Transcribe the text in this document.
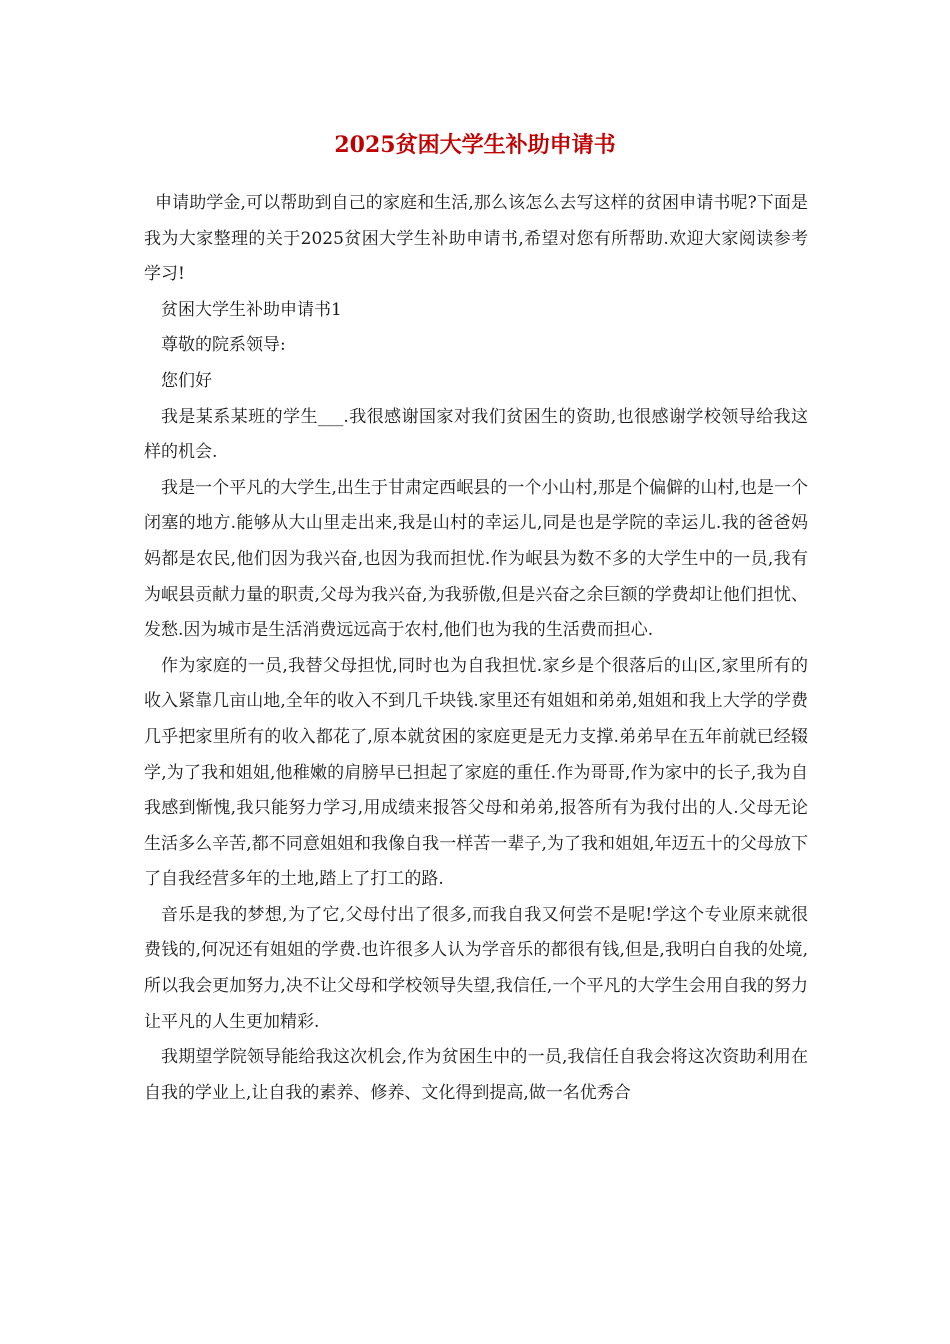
2025贫困大学生补助申请书

申请助学金,可以帮助到自己的家庭和生活,那么该怎么去写这样的贫困申请书呢?下面是我为大家整理的关于2025贫困大学生补助申请书,希望对您有所帮助.欢迎大家阅读参考学习!

贫困大学生补助申请书1

尊敬的院系领导:

您们好

我是某系某班的学生___.我很感谢国家对我们贫困生的资助,也很感谢学校领导给我这样的机会.

我是一个平凡的大学生,出生于甘肃定西岷县的一个小山村,那是个偏僻的山村,也是一个闭塞的地方.能够从大山里走出来,我是山村的幸运儿,同是也是学院的幸运儿.我的爸爸妈妈都是农民,他们因为我兴奋,也因为我而担忧.作为岷县为数不多的大学生中的一员,我有为岷县贡献力量的职责,父母为我兴奋,为我骄傲,但是兴奋之余巨额的学费却让他们担忧、发愁.因为城市是生活消费远远高于农村,他们也为我的生活费而担心.

作为家庭的一员,我替父母担忧,同时也为自我担忧.家乡是个很落后的山区,家里所有的收入紧靠几亩山地,全年的收入不到几千块钱.家里还有姐姐和弟弟,姐姐和我上大学的学费几乎把家里所有的收入都花了,原本就贫困的家庭更是无力支撑.弟弟早在五年前就已经辍学,为了我和姐姐,他稚嫩的肩膀早已担起了家庭的重任.作为哥哥,作为家中的长子,我为自我感到惭愧,我只能努力学习,用成绩来报答父母和弟弟,报答所有为我付出的人.父母无论生活多么辛苦,都不同意姐姐和我像自我一样苦一辈子,为了我和姐姐,年迈五十的父母放下了自我经营多年的土地,踏上了打工的路.

音乐是我的梦想,为了它,父母付出了很多,而我自我又何尝不是呢!学这个专业原来就很费钱的,何况还有姐姐的学费.也许很多人认为学音乐的都很有钱,但是,我明白自我的处境,所以我会更加努力,决不让父母和学校领导失望,我信任,一个平凡的大学生会用自我的努力让平凡的人生更加精彩.

我期望学院领导能给我这次机会,作为贫困生中的一员,我信任自我会将这次资助利用在自我的学业上,让自我的素养、修养、文化得到提高,做一名优秀合
